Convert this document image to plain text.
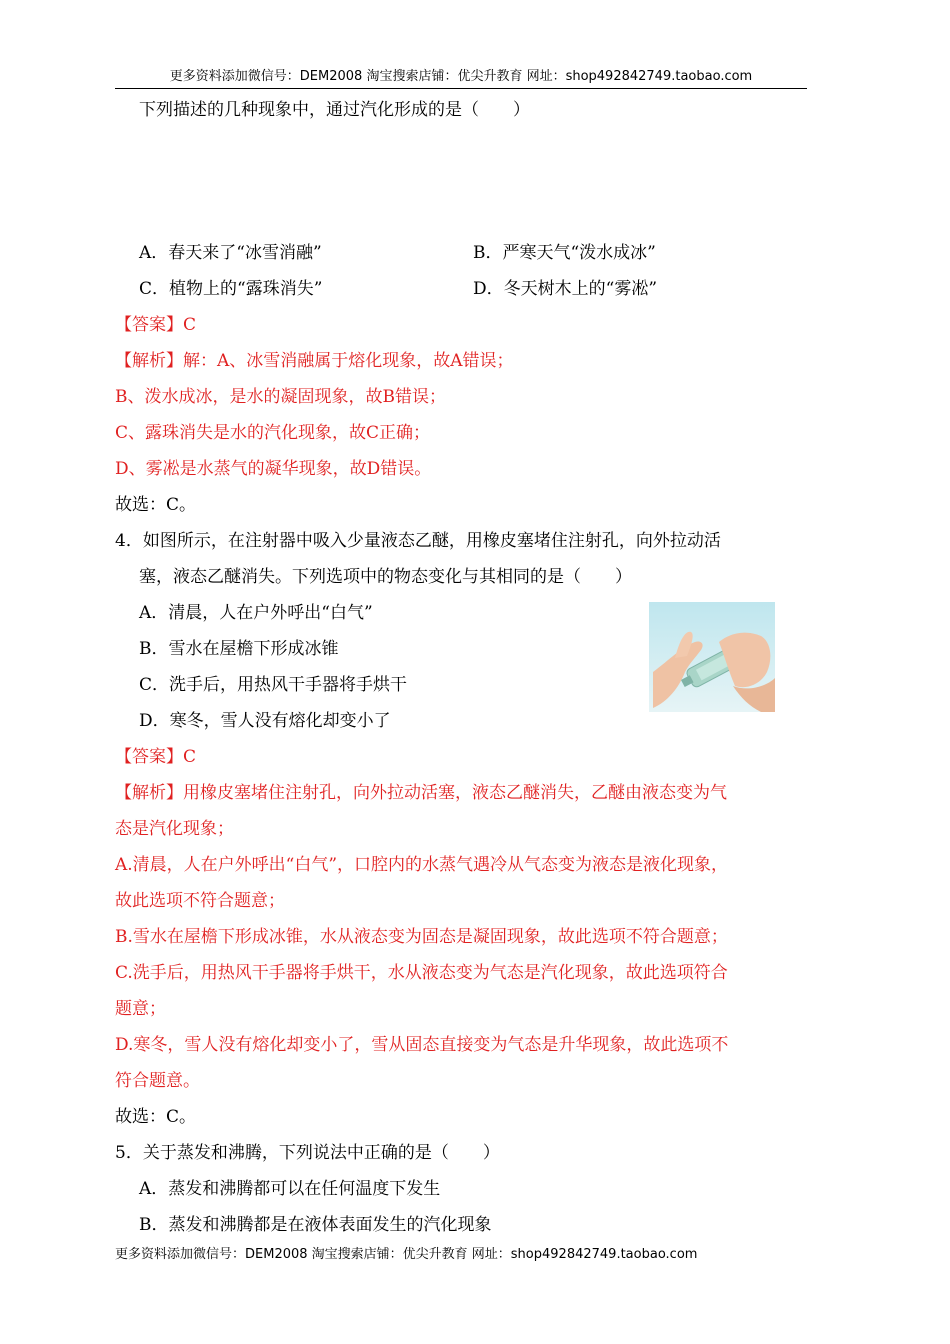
更多资料添加微信号：DEM2008 淘宝搜索店铺：优尖升教育 网址：shop492842749.taobao.com
下列描述的几种现象中，通过汽化形成的是（　　）
A．春天来了“冰雪消融”	B．严寒天气“泼水成冰”
C．植物上的“露珠消失”	D．冬天树木上的“雾凇”
【答案】C
【解析】解：A、冰雪消融属于熔化现象，故A错误；
B、泼水成冰，是水的凝固现象，故B错误；
C、露珠消失是水的汽化现象，故C正确；
D、雾凇是水蒸气的凝华现象，故D错误。
故选：C。
4．如图所示，在注射器中吸入少量液态乙醚，用橡皮塞堵住注射孔，向外拉动活
塞，液态乙醚消失。下列选项中的物态变化与其相同的是（　　）
A．清晨，人在户外呼出“白气”
B．雪水在屋檐下形成冰锥
C．洗手后，用热风干手器将手烘干
D．寒冬，雪人没有熔化却变小了
【答案】C
【解析】用橡皮塞堵住注射孔，向外拉动活塞，液态乙醚消失，乙醚由液态变为气
态是汽化现象；
A.清晨，人在户外呼出“白气”，口腔内的水蒸气遇冷从气态变为液态是液化现象，
故此选项不符合题意；
B.雪水在屋檐下形成冰锥，水从液态变为固态是凝固现象，故此选项不符合题意；
C.洗手后，用热风干手器将手烘干，水从液态变为气态是汽化现象，故此选项符合
题意；
D.寒冬，雪人没有熔化却变小了，雪从固态直接变为气态是升华现象，故此选项不
符合题意。
故选：C。
5．关于蒸发和沸腾，下列说法中正确的是（　　）
A．蒸发和沸腾都可以在任何温度下发生
B．蒸发和沸腾都是在液体表面发生的汽化现象
更多资料添加微信号：DEM2008 淘宝搜索店铺：优尖升教育 网址：shop492842749.taobao.com
